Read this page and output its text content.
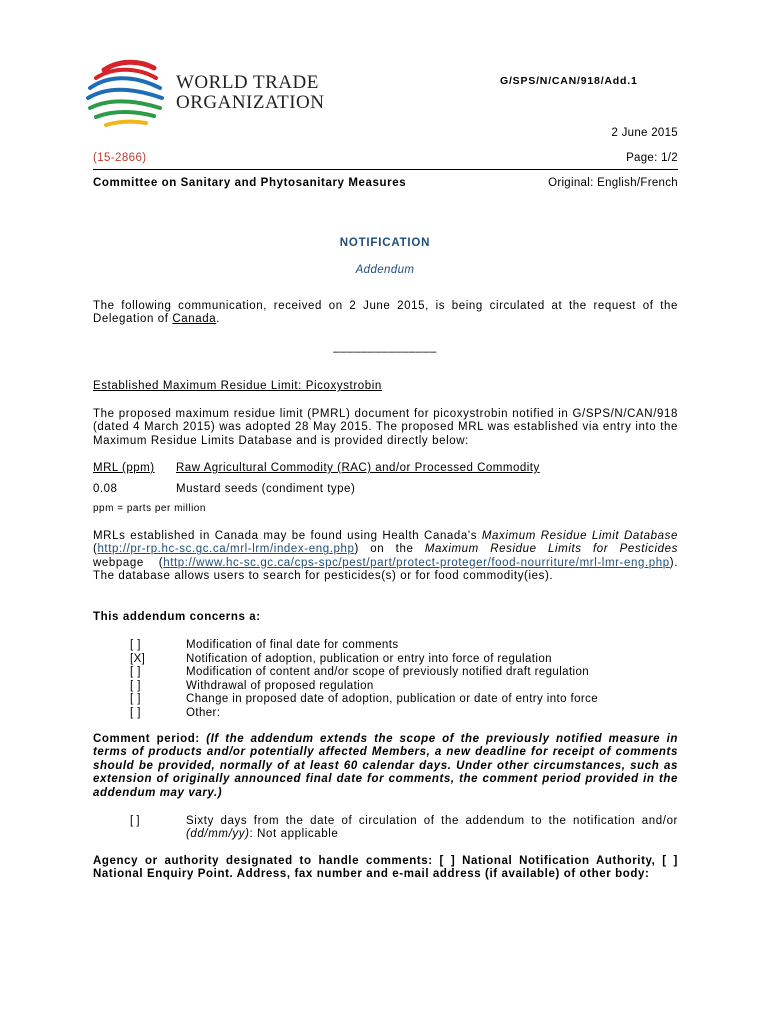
WORLD TRADE
ORGANIZATION
G/SPS/N/CAN/918/Add.1
2 June 2015
(15-2866)	Page: 1/2
Committee on Sanitary and Phytosanitary Measures	Original: English/French
NOTIFICATION
Addendum
The following communication, received on 2 June 2015, is being circulated at the request of the Delegation of Canada.
_______________
Established Maximum Residue Limit: Picoxystrobin
The proposed maximum residue limit (PMRL) document for picoxystrobin notified in G/SPS/N/CAN/918 (dated 4 March 2015) was adopted 28 May 2015. The proposed MRL was established via entry into the Maximum Residue Limits Database and is provided directly below:
MRL (ppm) Raw Agricultural Commodity (RAC) and/or Processed Commodity
0.08	Mustard seeds (condiment type)
ppm = parts per million
MRLs established in Canada may be found using Health Canada's Maximum Residue Limit Database (http://pr-rp.hc-sc.gc.ca/mrl-lrm/index-eng.php) on the Maximum Residue Limits for Pesticides webpage (http://www.hc-sc.gc.ca/cps-spc/pest/part/protect-proteger/food-nourriture/mrl-lmr-eng.php). The database allows users to search for pesticides(s) or for food commodity(ies).
This addendum concerns a:
[ ]	Modification of final date for comments
[X]	Notification of adoption, publication or entry into force of regulation
[ ]	Modification of content and/or scope of previously notified draft regulation
[ ]	Withdrawal of proposed regulation
[ ]	Change in proposed date of adoption, publication or date of entry into force
[ ]	Other:
Comment period: (If the addendum extends the scope of the previously notified measure in terms of products and/or potentially affected Members, a new deadline for receipt of comments should be provided, normally of at least 60 calendar days. Under other circumstances, such as extension of originally announced final date for comments, the comment period provided in the addendum may vary.)
[ ]	Sixty days from the date of circulation of the addendum to the notification and/or (dd/mm/yy): Not applicable
Agency or authority designated to handle comments: [ ] National Notification Authority, [ ] National Enquiry Point. Address, fax number and e-mail address (if available) of other body:
